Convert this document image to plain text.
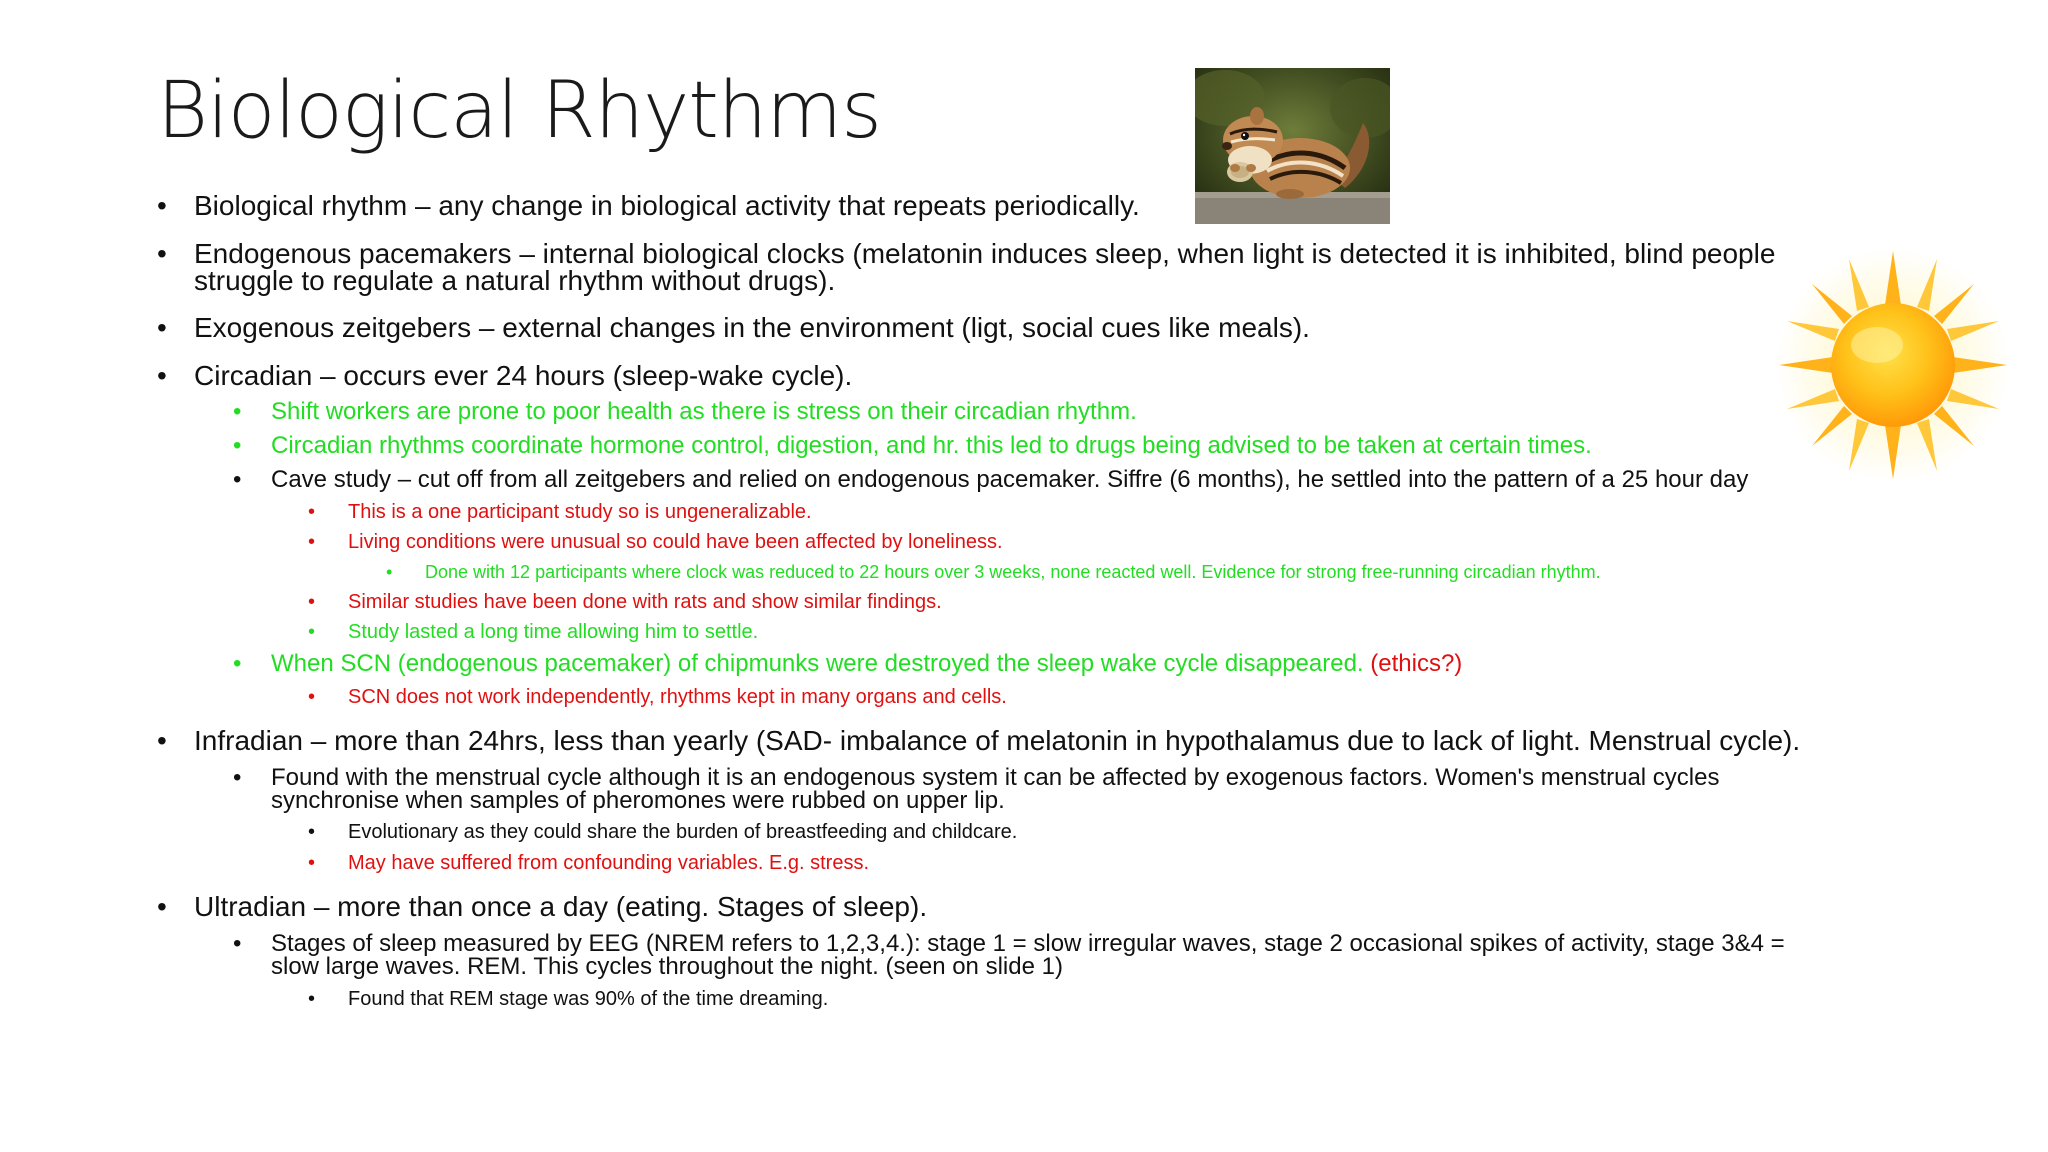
Biological Rhythms
• Biological rhythm – any change in biological activity that repeats periodically.
• Endogenous pacemakers – internal biological clocks (melatonin induces sleep, when light is detected it is inhibited, blind people
struggle to regulate a natural rhythm without drugs).
• Exogenous zeitgebers – external changes in the environment (ligt, social cues like meals).
• Circadian – occurs ever 24 hours (sleep-wake cycle).
• Shift workers are prone to poor health as there is stress on their circadian rhythm.
• Circadian rhythms coordinate hormone control, digestion, and hr. this led to drugs being advised to be taken at certain times.
• Cave study – cut off from all zeitgebers and relied on endogenous pacemaker. Siffre (6 months), he settled into the pattern of a 25 hour day
• This is a one participant study so is ungeneralizable.
• Living conditions were unusual so could have been affected by loneliness.
• Done with 12 participants where clock was reduced to 22 hours over 3 weeks, none reacted well. Evidence for strong free-running circadian rhythm.
• Similar studies have been done with rats and show similar findings.
• Study lasted a long time allowing him to settle.
• When SCN (endogenous pacemaker) of chipmunks were destroyed the sleep wake cycle disappeared. (ethics?)
• SCN does not work independently, rhythms kept in many organs and cells.
• Infradian – more than 24hrs, less than yearly (SAD- imbalance of melatonin in hypothalamus due to lack of light. Menstrual cycle).
• Found with the menstrual cycle although it is an endogenous system it can be affected by exogenous factors. Women's menstrual cycles
synchronise when samples of pheromones were rubbed on upper lip.
• Evolutionary as they could share the burden of breastfeeding and childcare.
• May have suffered from confounding variables. E.g. stress.
• Ultradian – more than once a day (eating. Stages of sleep).
• Stages of sleep measured by EEG (NREM refers to 1,2,3,4.): stage 1 = slow irregular waves, stage 2 occasional spikes of activity, stage 3&4 =
slow large waves. REM. This cycles throughout the night. (seen on slide 1)
• Found that REM stage was 90% of the time dreaming.
